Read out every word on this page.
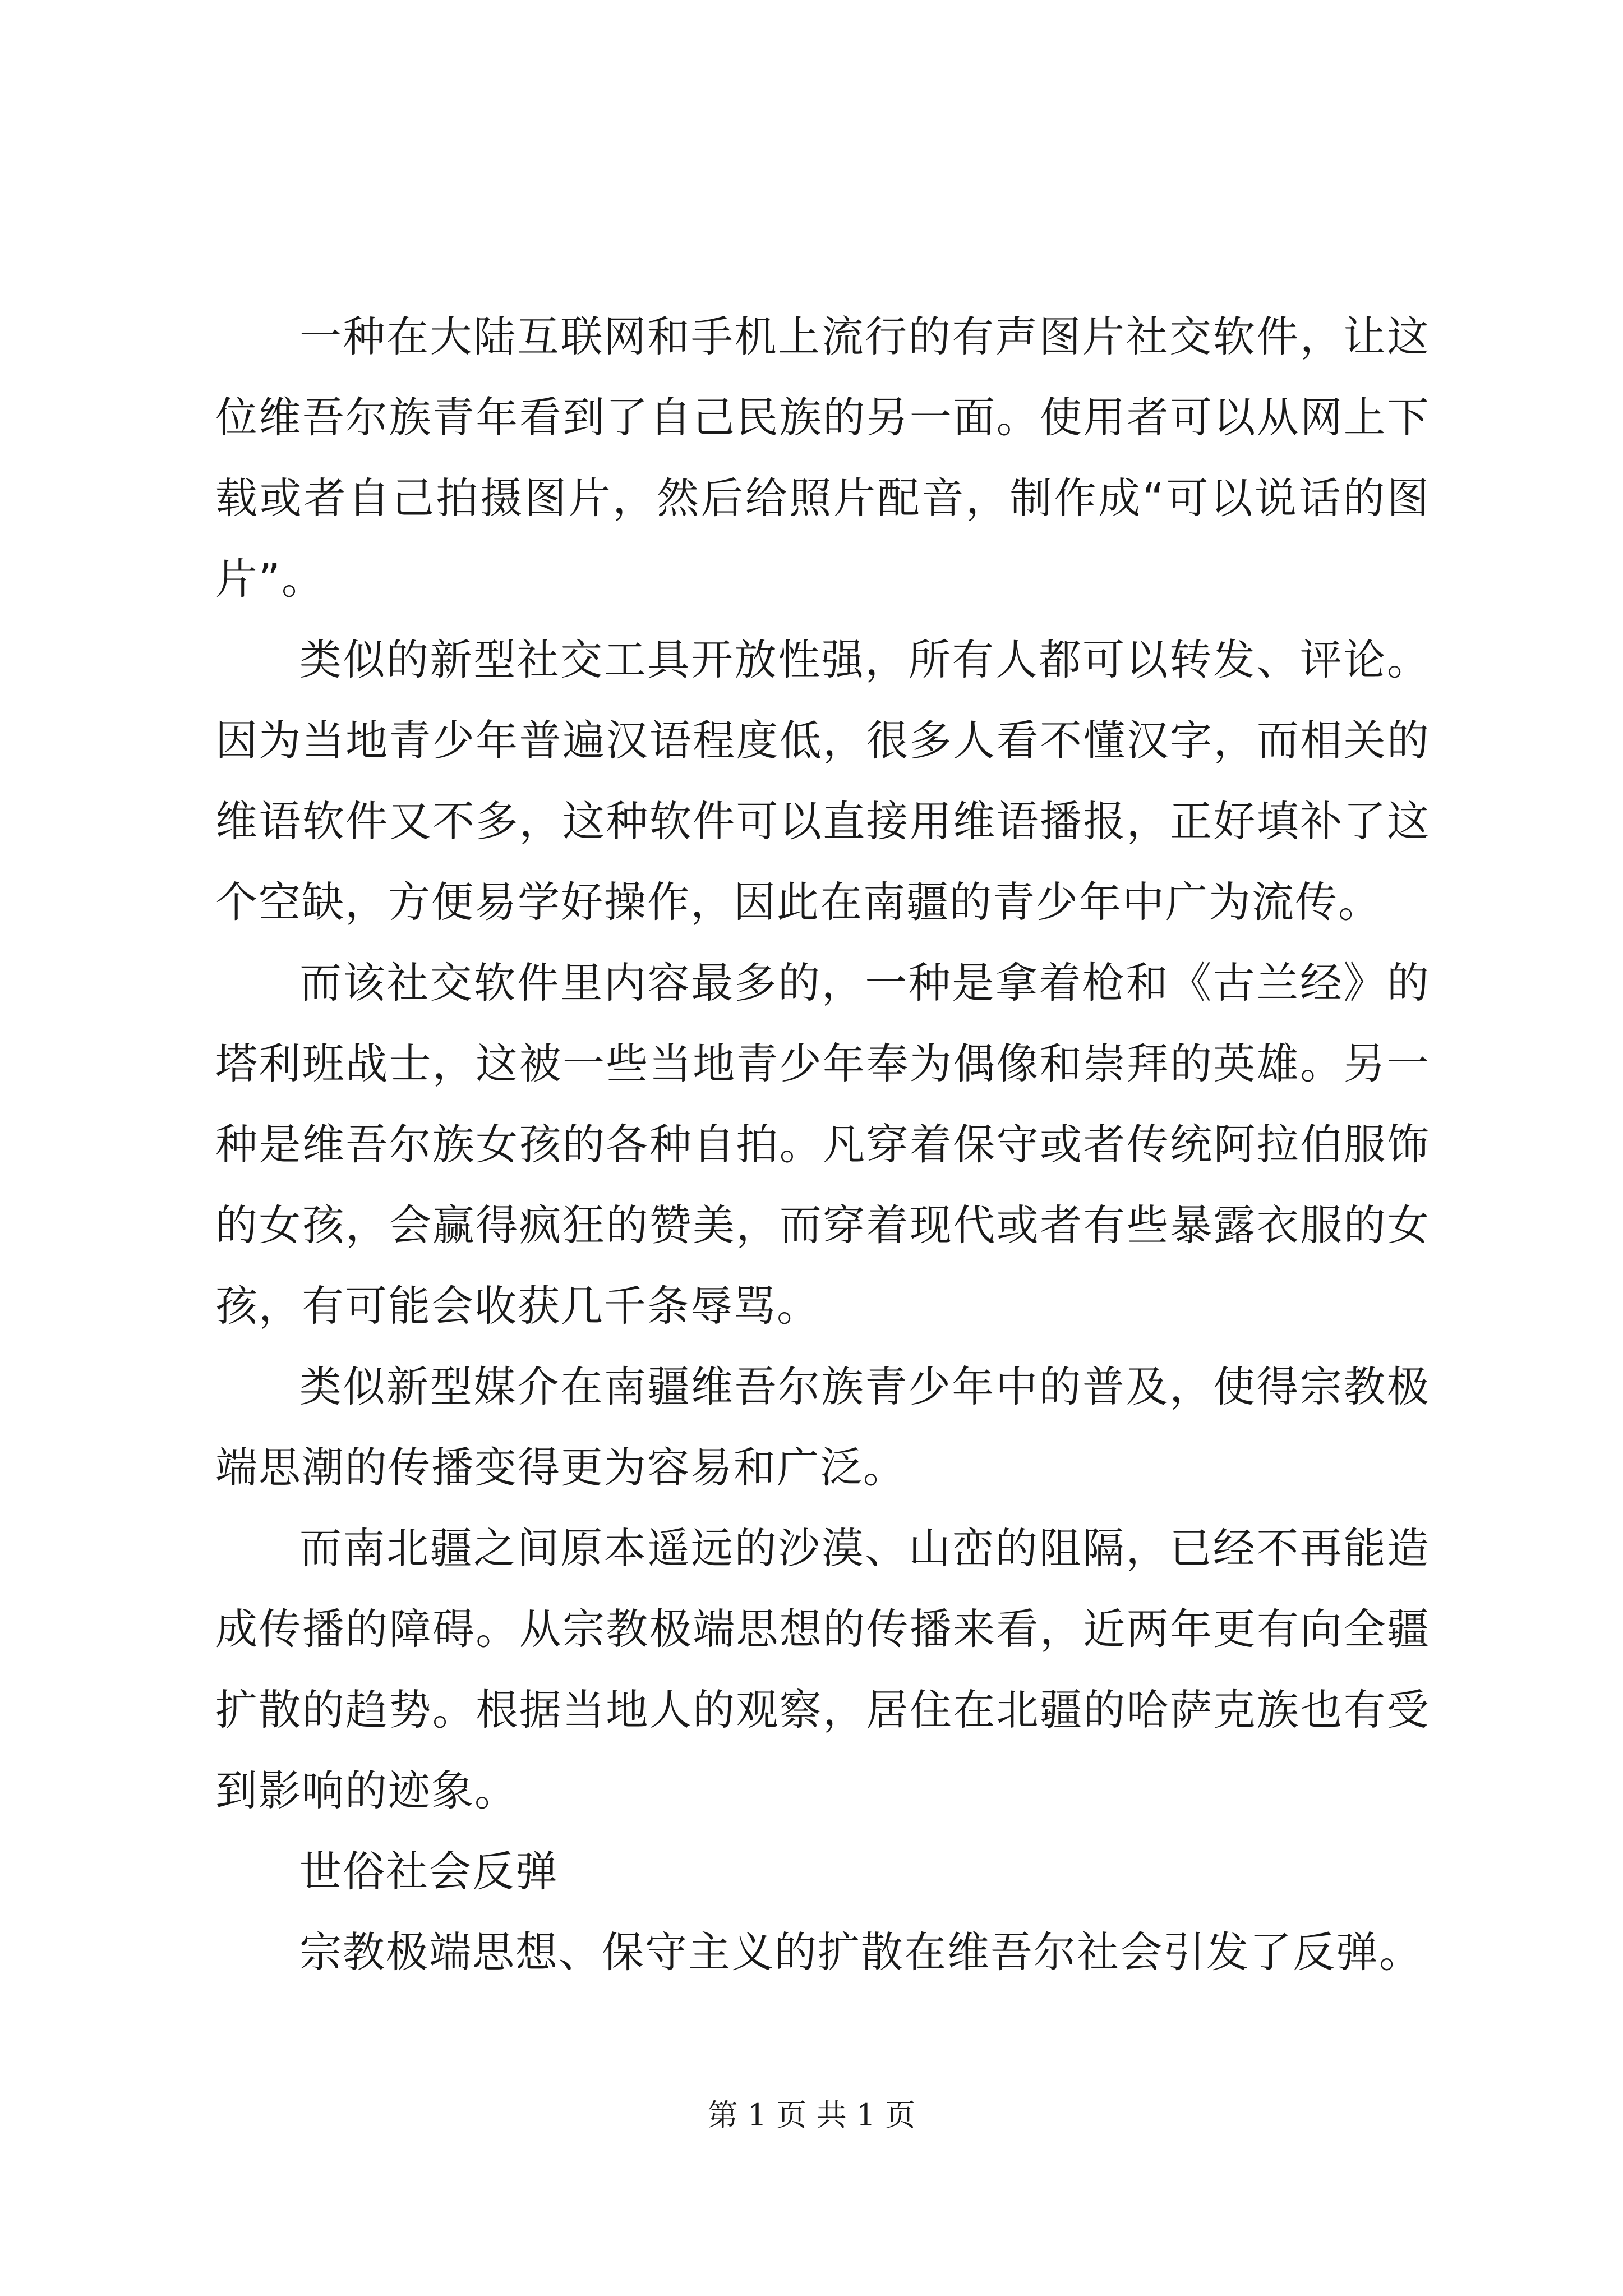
一种在大陆互联网和手机上流行的有声图片社交软件，让这位维吾尔族青年看到了自己民族的另一面。使用者可以从网上下载或者自己拍摄图片，然后给照片配音，制作成“可以说话的图片”。

类似的新型社交工具开放性强，所有人都可以转发、评论。因为当地青少年普遍汉语程度低，很多人看不懂汉字，而相关的维语软件又不多，这种软件可以直接用维语播报，正好填补了这个空缺，方便易学好操作，因此在南疆的青少年中广为流传。

而该社交软件里内容最多的，一种是拿着枪和《古兰经》的塔利班战士，这被一些当地青少年奉为偶像和崇拜的英雄。另一种是维吾尔族女孩的各种自拍。凡穿着保守或者传统阿拉伯服饰的女孩，会赢得疯狂的赞美，而穿着现代或者有些暴露衣服的女孩，有可能会收获几千条辱骂。

类似新型媒介在南疆维吾尔族青少年中的普及，使得宗教极端思潮的传播变得更为容易和广泛。

而南北疆之间原本遥远的沙漠、山峦的阻隔，已经不再能造成传播的障碍。从宗教极端思想的传播来看，近两年更有向全疆扩散的趋势。根据当地人的观察，居住在北疆的哈萨克族也有受到影响的迹象。

世俗社会反弹

宗教极端思想、保守主义的扩散在维吾尔社会引发了反弹。

第 1 页 共 1 页
